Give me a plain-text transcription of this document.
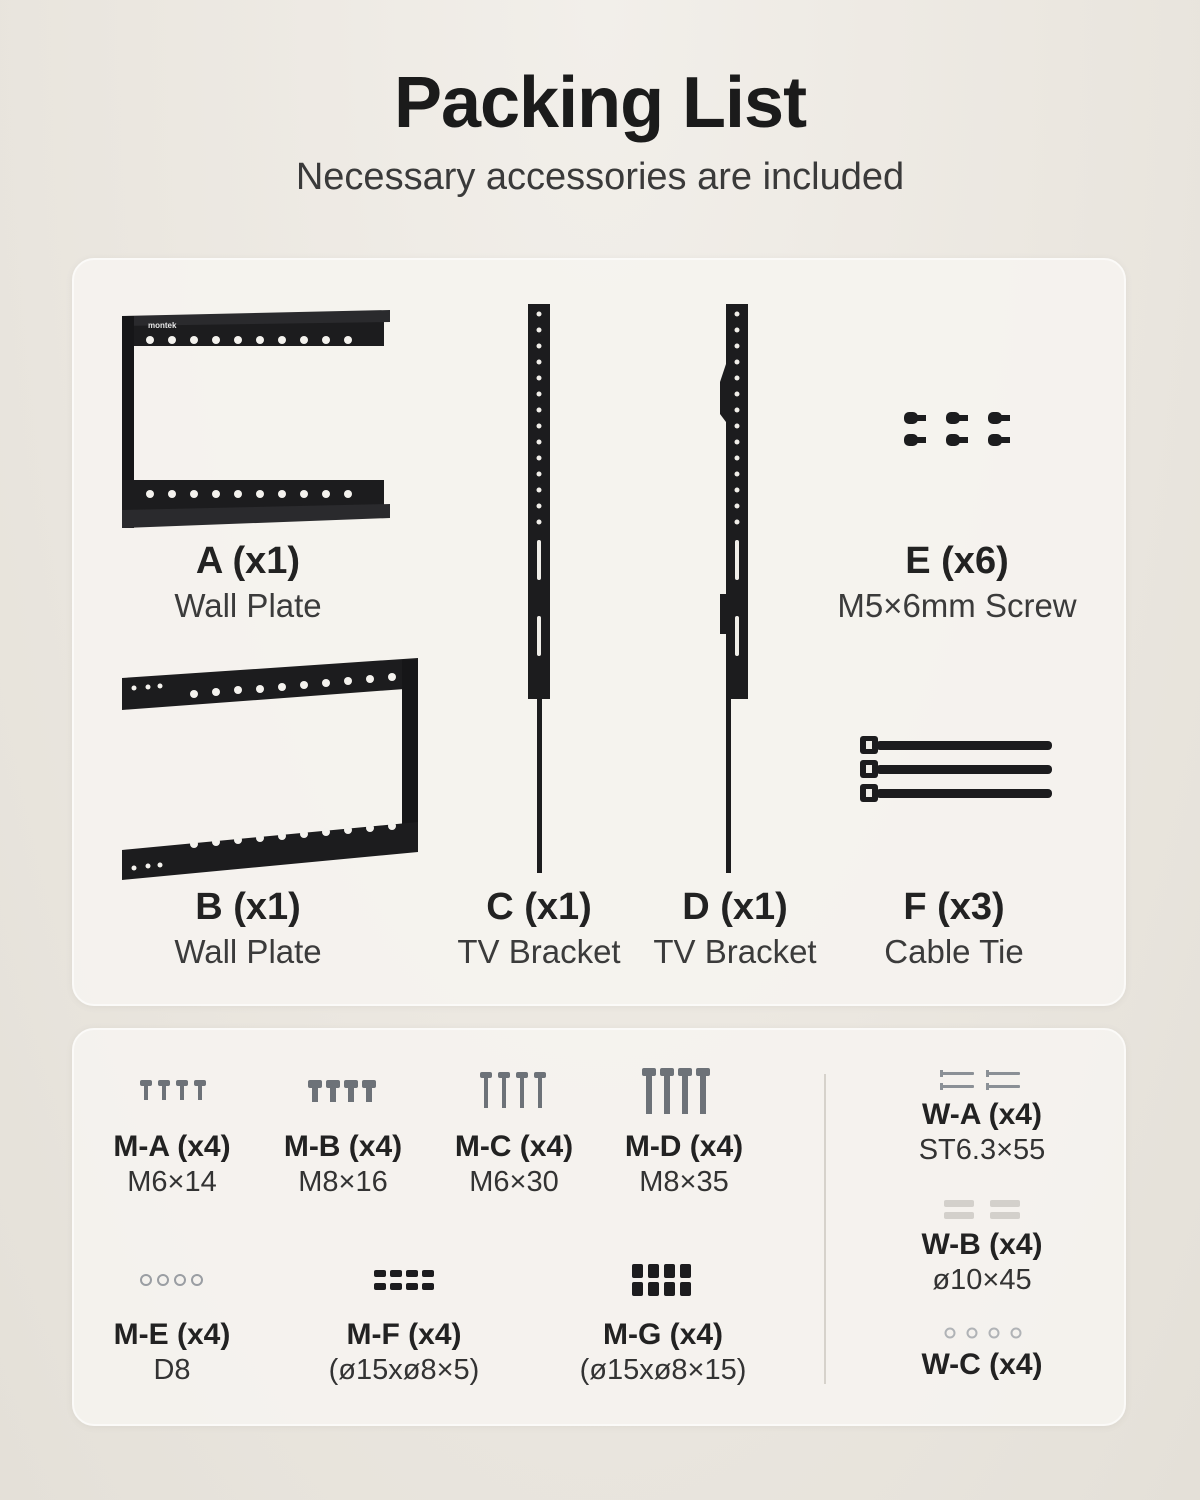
Packing List
Necessary accessories are included
montek
A (x1)
Wall Plate
B (x1)
Wall Plate
C (x1)
TV Bracket
D (x1)
TV Bracket
E (x6)
M5×6mm Screw
F (x3)
Cable Tie
M-A (x4)
M6×14
M-B (x4)
M8×16
M-C (x4)
M6×30
M-D (x4)
M8×35
M-E (x4)
D8
M-F (x4)
(ø15xø8×5)
M-G (x4)
(ø15xø8×15)
W-A (x4)
ST6.3×55
W-B (x4)
ø10×45
W-C (x4)
